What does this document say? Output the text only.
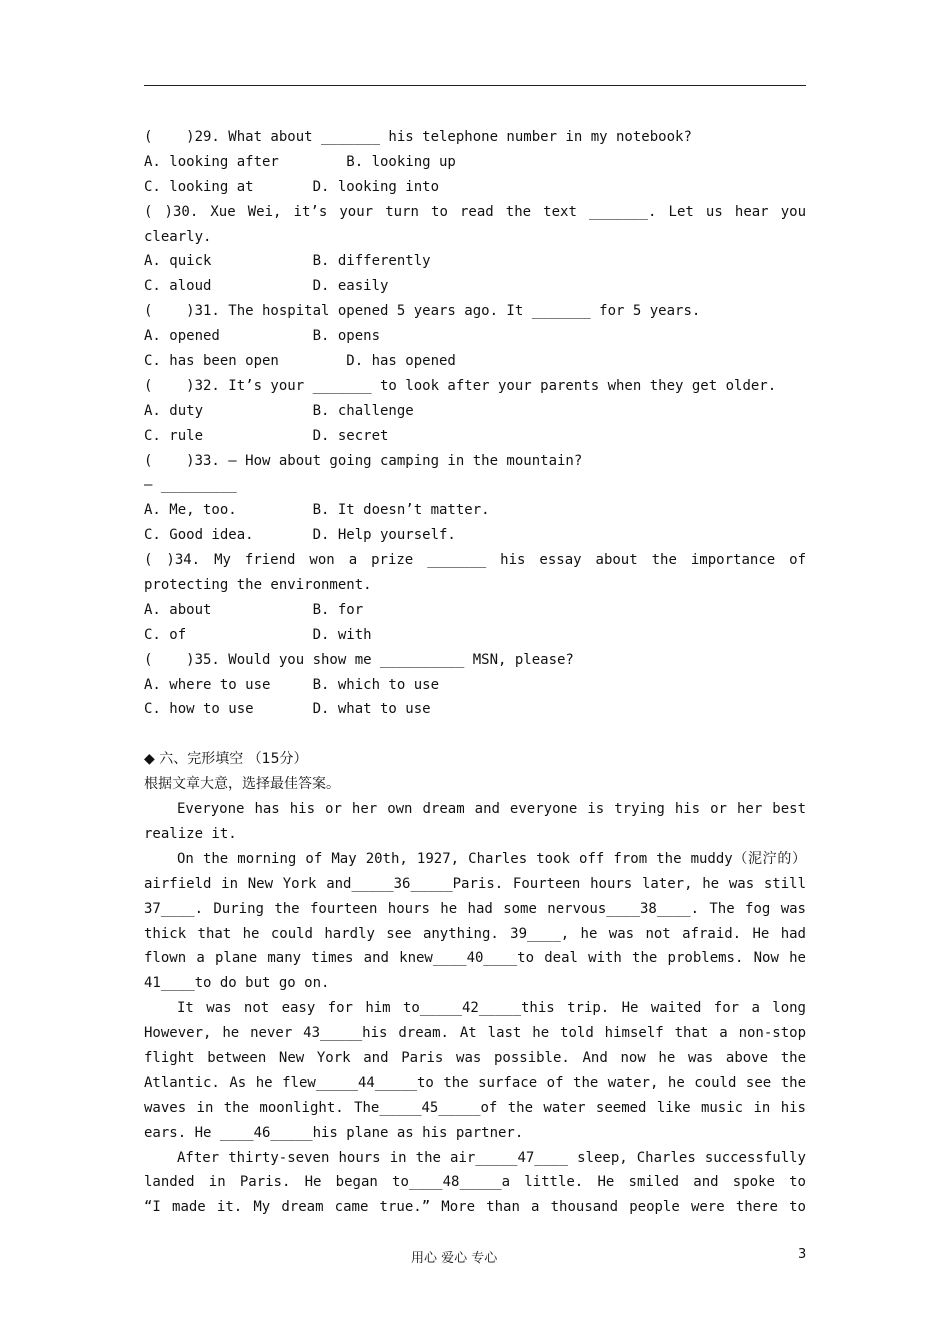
(    )29. What about _______ his telephone number in my notebook?
A. looking after        B. looking up
C. looking at       D. looking into
( )30. Xue Wei, it’s your turn to read the text _______. Let us hear you
clearly.
A. quick            B. differently
C. aloud            D. easily
(    )31. The hospital opened 5 years ago. It _______ for 5 years.
A. opened           B. opens
C. has been open        D. has opened
(    )32. It’s your _______ to look after your parents when they get older.
A. duty             B. challenge
C. rule             D. secret
(    )33. — How about going camping in the mountain?
— _________
A. Me, too.         B. It doesn’t matter.
C. Good idea.       D. Help yourself.
( )34. My friend won a prize _______ his essay about the importance of
protecting the environment.
A. about            B. for
C. of               D. with
(    )35. Would you show me __________ MSN, please?
A. where to use     B. which to use
C. how to use       D. what to use
◆ 六、完形填空 （15分）
根据文章大意，选择最佳答案。
Everyone has his or her own dream and everyone is trying his or her best
realize it.
On the morning of May 20th, 1927, Charles took off from the muddy（泥泞的）
airfield in New York and_____36_____Paris. Fourteen hours later, he was still
37____. During the fourteen hours he had some nervous____38____. The fog was
thick that he could hardly see anything. 39____, he was not afraid. He had
flown a plane many times and knew____40____to deal with the problems. Now he
41____to do but go on.
It was not easy for him to_____42_____this trip. He waited for a long
However, he never 43_____his dream. At last he told himself that a non-stop
flight between New York and Paris was possible. And now he was above the
Atlantic. As he flew_____44_____to the surface of the water, he could see the
waves in the moonlight. The_____45_____of the water seemed like music in his
ears. He ____46_____his plane as his partner.
After thirty-seven hours in the air_____47____ sleep, Charles successfully
landed in Paris. He began to____48_____a little. He smiled and spoke to
“I made it. My dream came true.” More than a thousand people were there to
用心 爱心 专心	3
